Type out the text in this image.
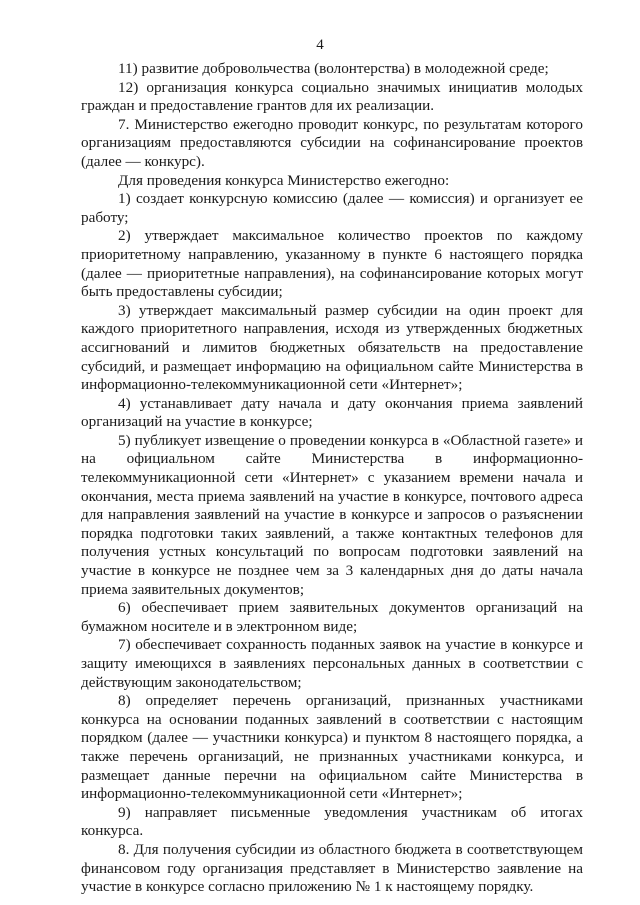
4

11) развитие добровольчества (волонтерства) в молодежной среде;

12) организация конкурса социально значимых инициатив молодых граждан и предоставление грантов для их реализации.

7. Министерство ежегодно проводит конкурс, по результатам которого организациям предоставляются субсидии на софинансирование проектов (далее — конкурс).

Для проведения конкурса Министерство ежегодно:

1) создает конкурсную комиссию (далее — комиссия) и организует ее работу;

2) утверждает максимальное количество проектов по каждому приоритетному направлению, указанному в пункте 6 настоящего порядка (далее — приоритетные направления), на софинансирование которых могут быть предоставлены субсидии;

3) утверждает максимальный размер субсидии на один проект для каждого приоритетного направления, исходя из утвержденных бюджетных ассигнований и лимитов бюджетных обязательств на предоставление субсидий, и размещает информацию на официальном сайте Министерства в информационно-телекоммуникационной сети «Интернет»;

4) устанавливает дату начала и дату окончания приема заявлений организаций на участие в конкурсе;

5) публикует извещение о проведении конкурса в «Областной газете» и на официальном сайте Министерства в информационно-телекоммуникационной сети «Интернет» с указанием времени начала и окончания, места приема заявлений на участие в конкурсе, почтового адреса для направления заявлений на участие в конкурсе и запросов о разъяснении порядка подготовки таких заявлений, а также контактных телефонов для получения устных консультаций по вопросам подготовки заявлений на участие в конкурсе не позднее чем за 3 календарных дня до даты начала приема заявительных документов;

6) обеспечивает прием заявительных документов организаций на бумажном носителе и в электронном виде;

7) обеспечивает сохранность поданных заявок на участие в конкурсе и защиту имеющихся в заявлениях персональных данных в соответствии с действующим законодательством;

8) определяет перечень организаций, признанных участниками конкурса на основании поданных заявлений в соответствии с настоящим порядком (далее — участники конкурса) и пунктом 8 настоящего порядка, а также перечень организаций, не признанных участниками конкурса, и размещает данные перечни на официальном сайте Министерства в информационно-телекоммуникационной сети «Интернет»;

9) направляет письменные уведомления участникам об итогах конкурса.

8. Для получения субсидии из областного бюджета в соответствующем финансовом году организация представляет в Министерство заявление на участие в конкурсе согласно приложению № 1 к настоящему порядку.
